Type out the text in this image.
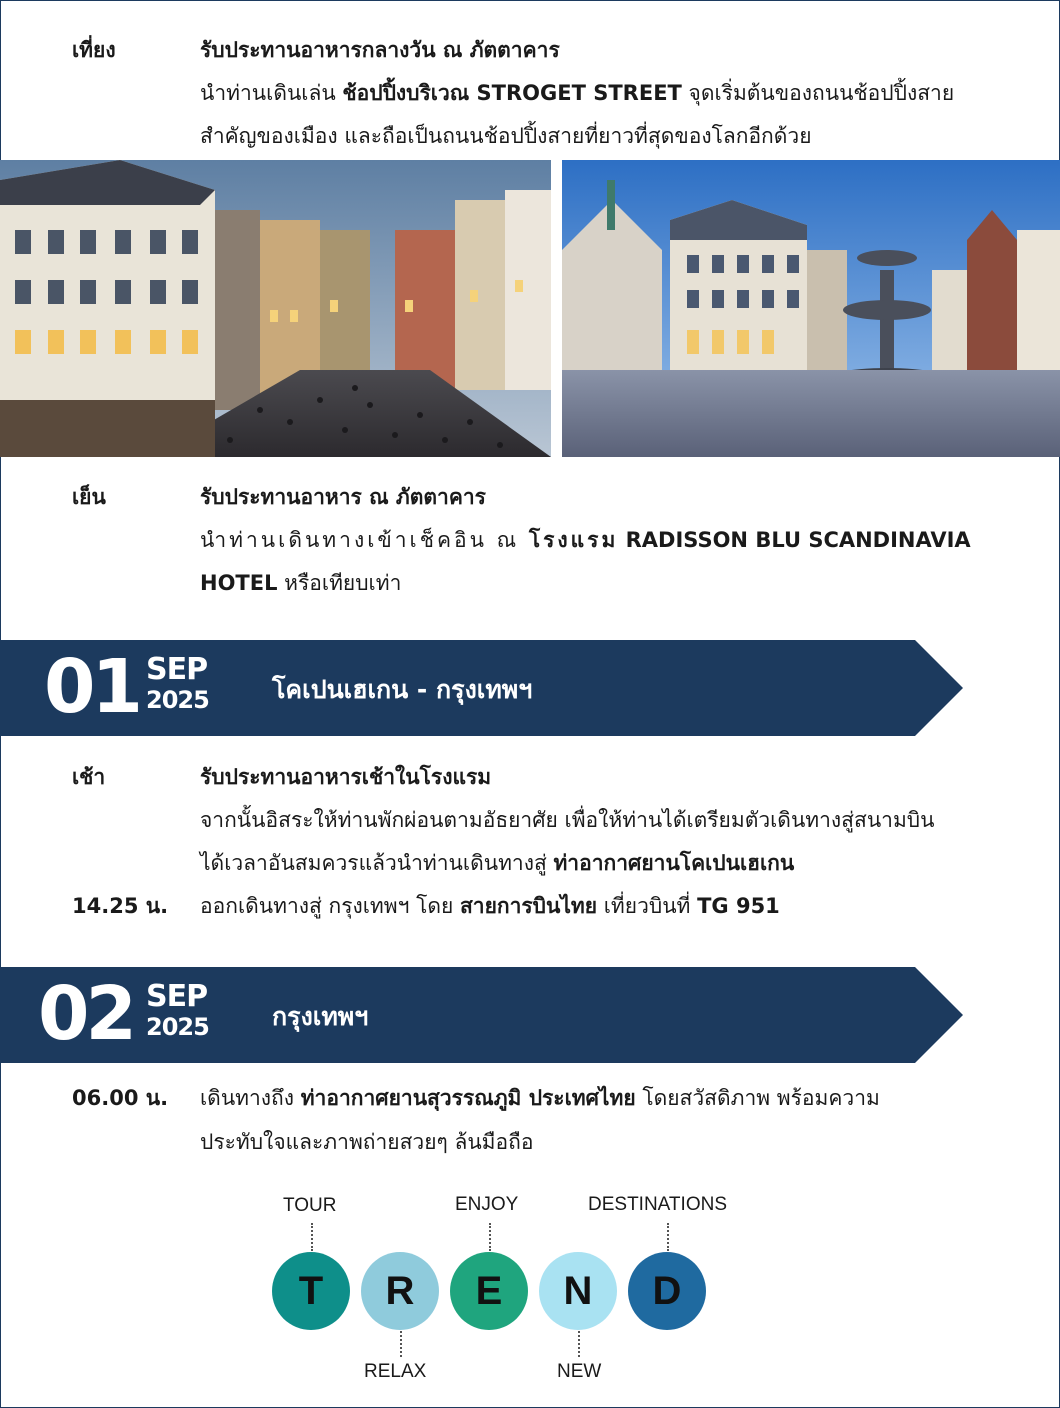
เที่ยง	รับประทานอาหารกลางวัน ณ ภัตตาคาร
นำท่านเดินเล่น ช้อปปิ้งบริเวณ STROGET STREET จุดเริ่มต้นของถนนช้อปปิ้งสาย
สำคัญของเมือง และถือเป็นถนนช้อปปิ้งสายที่ยาวที่สุดของโลกอีกด้วย
เย็น	รับประทานอาหาร ณ ภัตตาคาร
นำท่านเดินทางเข้าเช็คอิน ณ โรงแรม RADISSON BLU SCANDINAVIA
HOTEL หรือเทียบเท่า
01 SEP
2025	โคเปนเฮเกน - กรุงเทพฯ
เช้า	รับประทานอาหารเช้าในโรงแรม
จากนั้นอิสระให้ท่านพักผ่อนตามอัธยาศัย เพื่อให้ท่านได้เตรียมตัวเดินทางสู่สนามบิน
ได้เวลาอันสมควรแล้วนำท่านเดินทางสู่ ท่าอากาศยานโคเปนเฮเกน
14.25 น. ออกเดินทางสู่ กรุงเทพฯ โดย สายการบินไทย เที่ยวบินที่ TG 951
02 SEP
2025	กรุงเทพฯ
06.00 น. เดินทางถึง ท่าอากาศยานสุวรรณภูมิ ประเทศไทย โดยสวัสดิภาพ พร้อมความ
ประทับใจและภาพถ่ายสวยๆ ล้นมือถือ
TOUR	ENJOY	DESTINATIONS
T	R	E	N	D
RELAX	NEW
